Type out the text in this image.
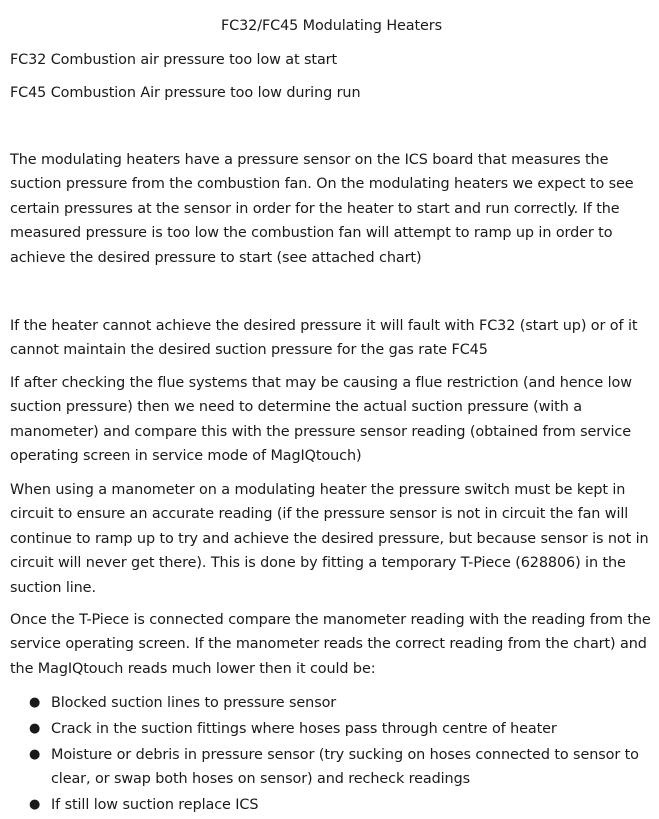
FC32/FC45 Modulating Heaters

FC32 Combustion air pressure too low at start

FC45 Combustion Air pressure too low during run

The modulating heaters have a pressure sensor on the ICS board that measures the suction pressure from the combustion fan. On the modulating heaters we expect to see certain pressures at the sensor in order for the heater to start and run correctly. If the measured pressure is too low the combustion fan will attempt to ramp up in order to achieve the desired pressure to start (see attached chart)

If the heater cannot achieve the desired pressure it will fault with FC32 (start up) or of it cannot maintain the desired suction pressure for the gas rate FC45

If after checking the flue systems that may be causing a flue restriction (and hence low suction pressure) then we need to determine the actual suction pressure (with a manometer) and compare this with the pressure sensor reading (obtained from service operating screen in service mode of MagIQtouch)

When using a manometer on a modulating heater the pressure switch must be kept in circuit to ensure an accurate reading (if the pressure sensor is not in circuit the fan will continue to ramp up to try and achieve the desired pressure, but because sensor is not in circuit will never get there). This is done by fitting a temporary T-Piece (628806) in the suction line.

Once the T-Piece is connected compare the manometer reading with the reading from the service operating screen. If the manometer reads the correct reading from the chart) and the MagIQtouch reads much lower then it could be:

● Blocked suction lines to pressure sensor
● Crack in the suction fittings where hoses pass through centre of heater
● Moisture or debris in pressure sensor (try sucking on hoses connected to sensor to clear, or swap both hoses on sensor) and recheck readings
● If still low suction replace ICS
